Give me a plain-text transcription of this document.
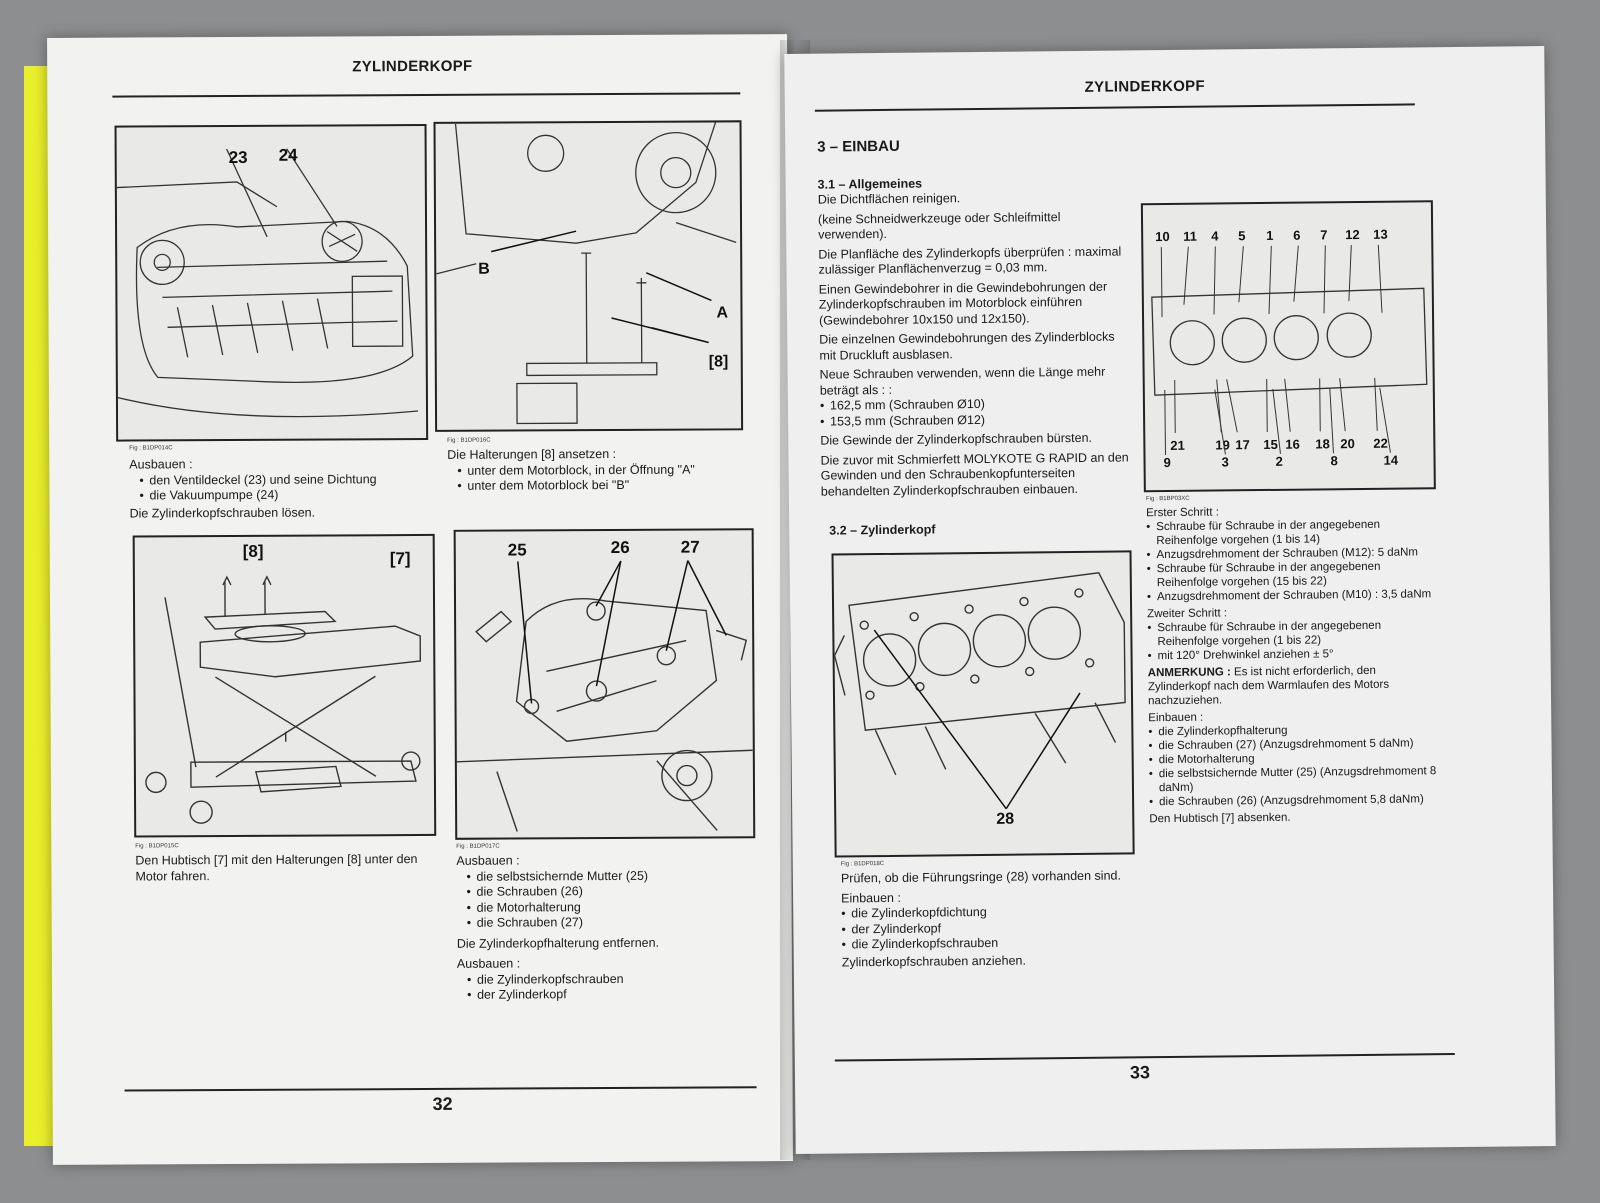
ZYLINDERKOPF
23 24
Fig : B1DP014C
Ausbauen :
• den Ventildeckel (23) und seine Dichtung
• die Vakuumpumpe (24)
Die Zylinderkopfschrauben lösen.
B
A
[8]
Fig : B1DP016C
Die Halterungen [8] ansetzen :
• unter dem Motorblock, in der Öffnung "A"
• unter dem Motorblock bei "B"
[8]	[7]
Fig : B1DP015C
Den Hubtisch [7] mit den Halterungen [8] unter den Motor fahren.
25	26	27
Fig : B1DP017C
Ausbauen :
• die selbstsichernde Mutter (25)
• die Schrauben (26)
• die Motorhalterung
• die Schrauben (27)
Die Zylinderkopfhalterung entfernen.
Ausbauen :
• die Zylinderkopfschrauben
• der Zylinderkopf
32
ZYLINDERKOPF
3 – EINBAU
3.1 – Allgemeines
Die Dichtflächen reinigen.
(keine Schneidwerkzeuge oder Schleifmittel verwenden).
Die Planfläche des Zylinderkopfs überprüfen : maximal zulässiger Planflächenverzug = 0,03 mm.
Einen Gewindebohrer in die Gewindebohrungen der Zylinderkopfschrauben im Motorblock einführen (Gewindebohrer 10x150 und 12x150).
Die einzelnen Gewindebohrungen des Zylinderblocks mit Druckluft ausblasen.
Neue Schrauben verwenden, wenn die Länge mehr beträgt als : :
• 162,5 mm (Schrauben Ø10)
• 153,5 mm (Schrauben Ø12)
Die Gewinde der Zylinderkopfschrauben bürsten.
Die zuvor mit Schmierfett MOLYKOTE G RAPID an den Gewinden und den Schraubenkopfunterseiten behandelten Zylinderkopfschrauben einbauen.
3.2 – Zylinderkopf
28
Fig : B1DP018C
Prüfen, ob die Führungsringe (28) vorhanden sind.
Einbauen :
• die Zylinderkopfdichtung
• der Zylinderkopf
• die Zylinderkopfschrauben
Zylinderkopfschrauben anziehen.
10 11 4 5 1 6 7 12 13
21 19 17 15 16 18 20 22
9	3	2	8	14
Fig : B1BP03XC
Erster Schritt :
• Schraube für Schraube in der angegebenen Reihenfolge vorgehen (1 bis 14)
• Anzugsdrehmoment der Schrauben (M12): 5 daNm
• Schraube für Schraube in der angegebenen Reihenfolge vorgehen (15 bis 22)
• Anzugsdrehmoment der Schrauben (M10) : 3,5 daNm
Zweiter Schritt :
• Schraube für Schraube in der angegebenen Reihenfolge vorgehen (1 bis 22)
• mit 120° Drehwinkel anziehen ± 5°
ANMERKUNG : Es ist nicht erforderlich, den Zylinderkopf nach dem Warmlaufen des Motors nachzuziehen.
Einbauen :
• die Zylinderkopfhalterung
• die Schrauben (27) (Anzugsdrehmoment 5 daNm)
• die Motorhalterung
• die selbstsichernde Mutter (25) (Anzugsdrehmoment 8 daNm)
• die Schrauben (26) (Anzugsdrehmoment 5,8 daNm)
Den Hubtisch [7] absenken.
33
